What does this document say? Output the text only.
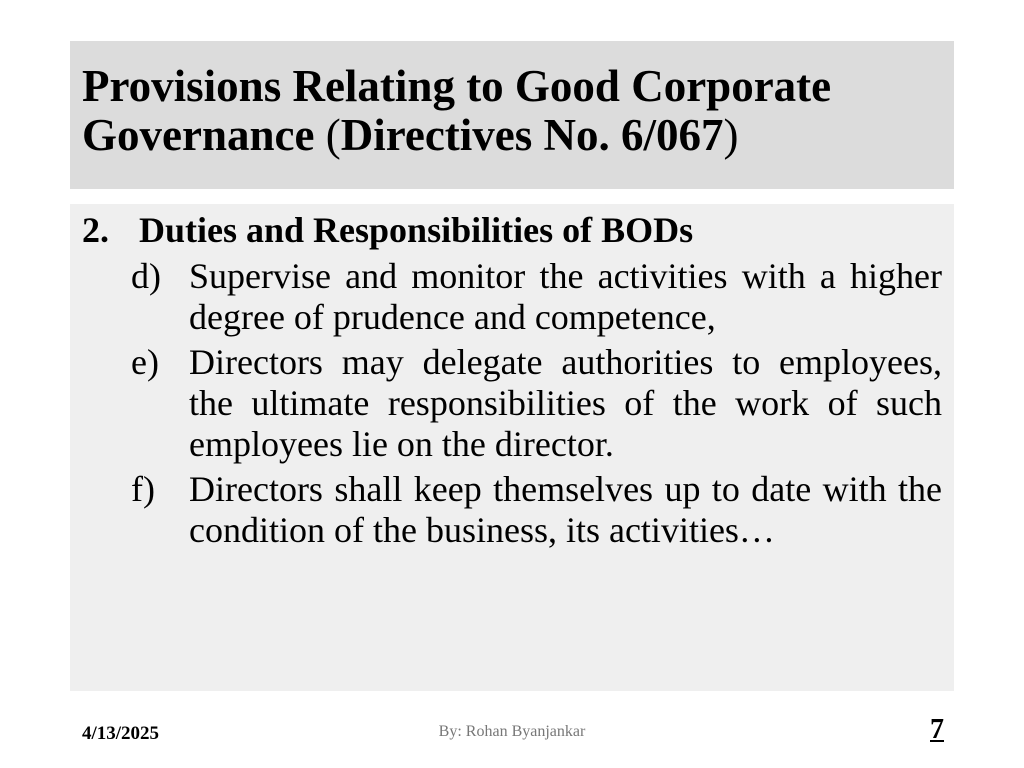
Provisions Relating to Good Corporate Governance (Directives No. 6/067)
2. Duties and Responsibilities of BODs
d) Supervise and monitor the activities with a higher degree of prudence and competence,
e) Directors may delegate authorities to employees, the ultimate responsibilities of the work of such employees lie on the director.
f) Directors shall keep themselves up to date with the condition of the business, its activities…
4/13/2025	By: Rohan Byanjankar	7
